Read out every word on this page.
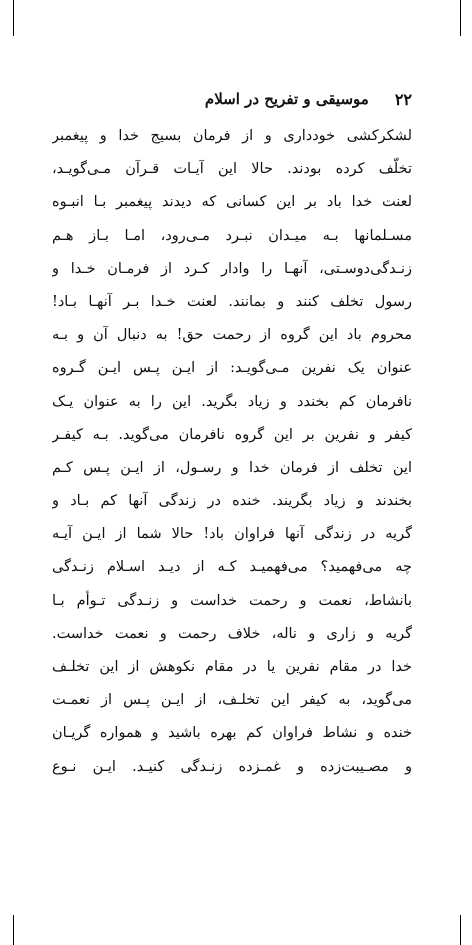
۲۲
موسیقی و تفریح در اسلام
لشکرکشی خودداری و از فرمان بسیج خدا و پیغمبر
تخلّف کرده بودند. حالا این آیـات قـرآن مـی‌گویـد،
لعنت خدا باد بر این کسانی که دیدند پیغمبر بـا انبـوه
مسـلمانها بـه میـدان نبـرد مـی‌رود، امـا بـاز هـم
زنـدگی‌دوسـتی، آنهـا را وادار کـرد از فرمـان خـدا و
رسول تخلف کنند و بمانند. لعنت خـدا بـر آنهـا بـاد!
محروم باد این گروه از رحمت حق! به دنبال آن و بـه
عنوان یک نفرین مـی‌گویـد: از ایـن پـس ایـن گـروه
نافرمان کم بخندد و زیاد بگرید. این را به عنوان یـک
کیفر و نفرین بر این گروه نافرمان می‌گوید. بـه کیفـر
این تخلف از فرمان خدا و رسـول، از ایـن پـس کـم
بخندند و زیاد بگریند. خنده در زندگی آنها کم بـاد و
گریه در زندگی آنها فراوان باد! حالا شما از ایـن آیـه
چه می‌فهمید؟ می‌فهمیـد کـه از دیـد اسـلام زنـدگی
بانشاط، نعمت و رحمت خداست و زنـدگی تـوأم بـا
گریه و زاری و ناله، خلاف رحمت و نعمت خداست.
خدا در مقام نفرین یا در مقام نکوهش از این تخلـف
می‌گوید، به کیفر این تخلـف، از ایـن پـس از نعمـت
خنده و نشاط فراوان کم بهره باشید و همواره گریـان
و مصـیبت‌زده و غمـزده زنـدگی کنیـد. ایـن نـوع
